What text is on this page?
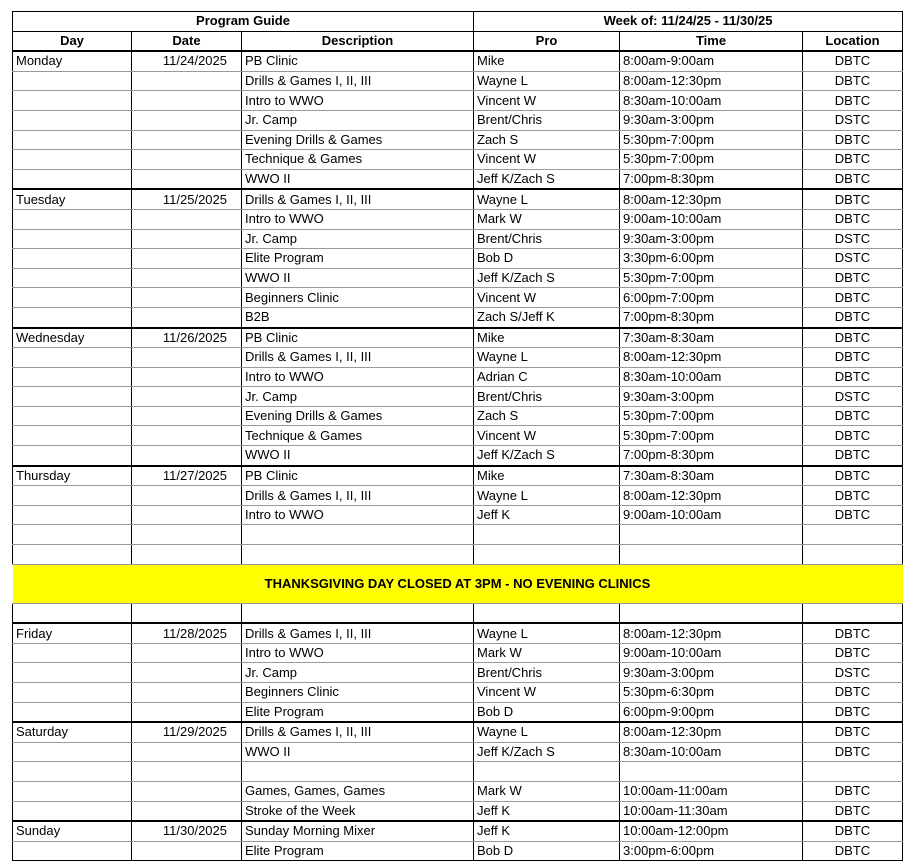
Program Guide			Week of: 11/24/25 - 11/30/25		
Day	Date	Description	Pro	Time	Location
Monday	11/24/2025	PB Clinic	Mike	8:00am-9:00am	DBTC
		Drills & Games I, II, III	Wayne L	8:00am-12:30pm	DBTC
		Intro to WWO	Vincent W	8:30am-10:00am	DBTC
		Jr. Camp	Brent/Chris	9:30am-3:00pm	DSTC
		Evening Drills & Games	Zach S	5:30pm-7:00pm	DBTC
		Technique & Games	Vincent W	5:30pm-7:00pm	DBTC
		WWO II	Jeff K/Zach S	7:00pm-8:30pm	DBTC
Tuesday	11/25/2025	Drills & Games I, II, III	Wayne L	8:00am-12:30pm	DBTC
		Intro to WWO	Mark W	9:00am-10:00am	DBTC
		Jr. Camp	Brent/Chris	9:30am-3:00pm	DSTC
		Elite Program	Bob D	3:30pm-6:00pm	DSTC
		WWO II	Jeff K/Zach S	5:30pm-7:00pm	DBTC
		Beginners Clinic	Vincent W	6:00pm-7:00pm	DBTC
		B2B	Zach S/Jeff K	7:00pm-8:30pm	DBTC
Wednesday	11/26/2025	PB Clinic	Mike	7:30am-8:30am	DBTC
		Drills & Games I, II, III	Wayne L	8:00am-12:30pm	DBTC
		Intro to WWO	Adrian C	8:30am-10:00am	DBTC
		Jr. Camp	Brent/Chris	9:30am-3:00pm	DSTC
		Evening Drills & Games	Zach S	5:30pm-7:00pm	DBTC
		Technique & Games	Vincent W	5:30pm-7:00pm	DBTC
		WWO II	Jeff K/Zach S	7:00pm-8:30pm	DBTC
Thursday	11/27/2025	PB Clinic	Mike	7:30am-8:30am	DBTC
		Drills & Games I, II, III	Wayne L	8:00am-12:30pm	DBTC
		Intro to WWO	Jeff K	9:00am-10:00am	DBTC

THANKSGIVING DAY CLOSED AT 3PM - NO EVENING CLINICS					

Friday	11/28/2025	Drills & Games I, II, III	Wayne L	8:00am-12:30pm	DBTC
		Intro to WWO	Mark W	9:00am-10:00am	DBTC
		Jr. Camp	Brent/Chris	9:30am-3:00pm	DSTC
		Beginners Clinic	Vincent W	5:30pm-6:30pm	DBTC
		Elite Program	Bob D	6:00pm-9:00pm	DBTC
Saturday	11/29/2025	Drills & Games I, II, III	Wayne L	8:00am-12:30pm	DBTC
		WWO II	Jeff K/Zach S	8:30am-10:00am	DBTC

		Games, Games, Games	Mark W	10:00am-11:00am	DBTC
		Stroke of the Week	Jeff K	10:00am-11:30am	DBTC
Sunday	11/30/2025	Sunday Morning Mixer	Jeff K	10:00am-12:00pm	DBTC
		Elite Program	Bob D	3:00pm-6:00pm	DBTC
